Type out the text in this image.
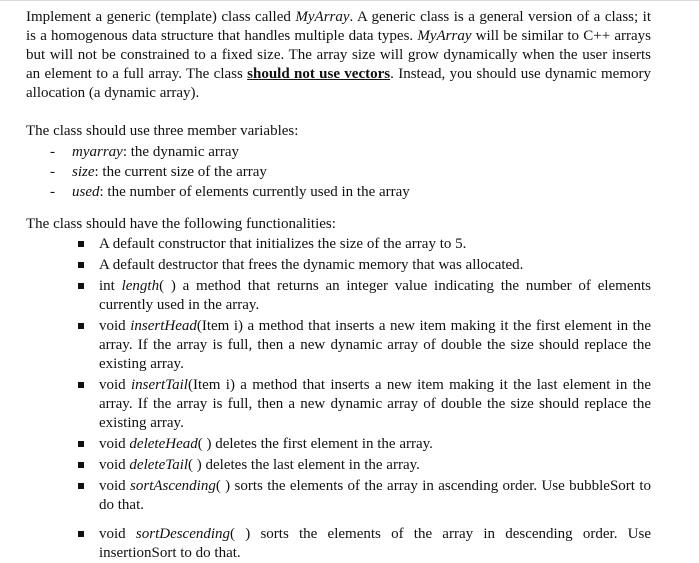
Implement a generic (template) class called MyArray. A generic class is a general version of a class; it is a homogenous data structure that handles multiple data types. MyArray will be similar to C++ arrays but will not be constrained to a fixed size. The array size will grow dynamically when the user inserts an element to a full array. The class should not use vectors. Instead, you should use dynamic memory allocation (a dynamic array).

The class should use three member variables:

- myarray: the dynamic array
- size: the current size of the array
- used: the number of elements currently used in the array

The class should have the following functionalities:

A default constructor that initializes the size of the array to 5.
A default destructor that frees the dynamic memory that was allocated.
int length( ) a method that returns an integer value indicating the number of elements currently used in the array.
void insertHead(Item i) a method that inserts a new item making it the first element in the array. If the array is full, then a new dynamic array of double the size should replace the existing array.
void insertTail(Item i) a method that inserts a new item making it the last element in the array. If the array is full, then a new dynamic array of double the size should replace the existing array.
void deleteHead( ) deletes the first element in the array.
void deleteTail( ) deletes the last element in the array.
void sortAscending( ) sorts the elements of the array in ascending order. Use bubbleSort to do that.
void sortDescending( ) sorts the elements of the array in descending order. Use insertionSort to do that.
